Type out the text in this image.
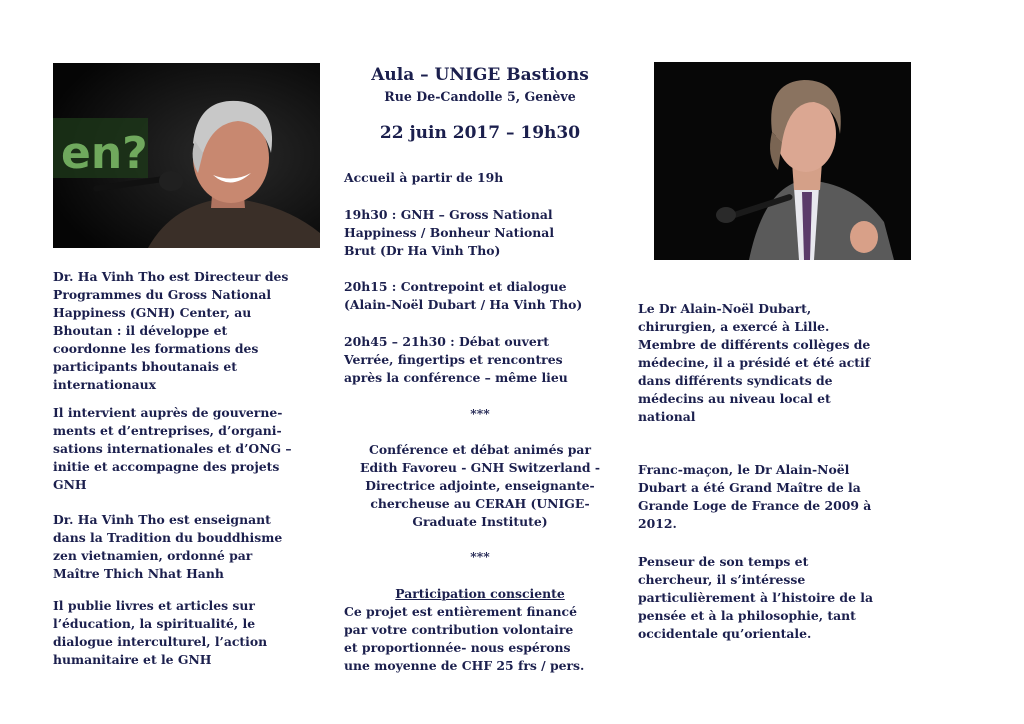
en?
Aula – UNIGE Bastions
Rue De-Candolle 5, Genève
22 juin 2017 – 19h30
Accueil à partir de 19h
19h30 : GNH – Gross National
Happiness / Bonheur National
Brut (Dr Ha Vinh Tho)
20h15 : Contrepoint et dialogue
(Alain-Noël Dubart / Ha Vinh Tho)
20h45 – 21h30 : Débat ouvert
Verrée, fingertips et rencontres
après la conférence – même lieu
***
Conférence et débat animés par
Edith Favoreu - GNH Switzerland -
Directrice adjointe, enseignante-
chercheuse au CERAH (UNIGE-
Graduate Institute)
***
Participation consciente
Ce projet est entièrement financé
par votre contribution volontaire
et proportionnée- nous espérons
une moyenne de CHF 25 frs / pers.
Dr. Ha Vinh Tho est Directeur des
Programmes du Gross National
Happiness (GNH) Center, au
Bhoutan : il développe et
coordonne les formations des
participants bhoutanais et
internationaux
Il intervient auprès de gouverne-
ments et d’entreprises, d’organi-
sations internationales et d’ONG –
initie et accompagne des projets
GNH
Dr. Ha Vinh Tho est enseignant
dans la Tradition du bouddhisme
zen vietnamien, ordonné par
Maître Thich Nhat Hanh
Il publie livres et articles sur
l’éducation, la spiritualité, le
dialogue interculturel, l’action
humanitaire et le GNH
Le Dr Alain-Noël Dubart,
chirurgien, a exercé à Lille.
Membre de différents collèges de
médecine, il a présidé et été actif
dans différents syndicats de
médecins au niveau local et
national
Franc-maçon, le Dr Alain-Noël
Dubart a été Grand Maître de la
Grande Loge de France de 2009 à
2012.
Penseur de son temps et
chercheur, il s’intéresse
particulièrement à l’histoire de la
pensée et à la philosophie, tant
occidentale qu’orientale.
